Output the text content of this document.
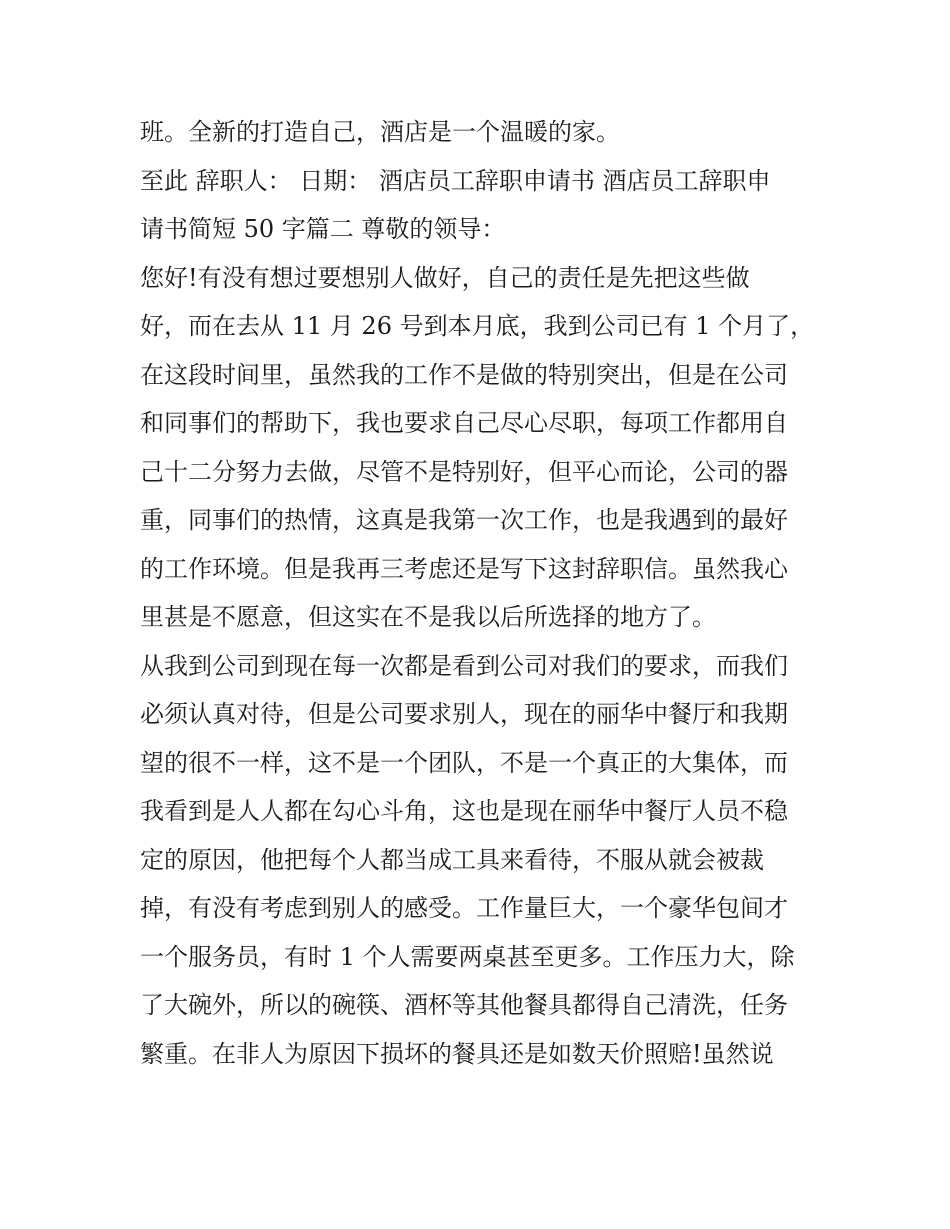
班。全新的打造自己，酒店是一个温暖的家。
至此 辞职人： 日期： 酒店员工辞职申请书 酒店员工辞职申
请书简短 50 字篇二 尊敬的领导：
您好!有没有想过要想别人做好，自己的责任是先把这些做
好，而在去从 11 月 26 号到本月底，我到公司已有 1 个月了，
在这段时间里，虽然我的工作不是做的特别突出，但是在公司
和同事们的帮助下，我也要求自己尽心尽职，每项工作都用自
己十二分努力去做，尽管不是特别好，但平心而论，公司的器
重，同事们的热情，这真是我第一次工作，也是我遇到的最好
的工作环境。但是我再三考虑还是写下这封辞职信。虽然我心
里甚是不愿意，但这实在不是我以后所选择的地方了。
从我到公司到现在每一次都是看到公司对我们的要求，而我们
必须认真对待，但是公司要求别人，现在的丽华中餐厅和我期
望的很不一样，这不是一个团队，不是一个真正的大集体，而
我看到是人人都在勾心斗角，这也是现在丽华中餐厅人员不稳
定的原因，他把每个人都当成工具来看待，不服从就会被裁
掉，有没有考虑到别人的感受。工作量巨大，一个豪华包间才
一个服务员，有时 1 个人需要两桌甚至更多。工作压力大，除
了大碗外，所以的碗筷、酒杯等其他餐具都得自己清洗，任务
繁重。在非人为原因下损坏的餐具还是如数天价照赔!虽然说
